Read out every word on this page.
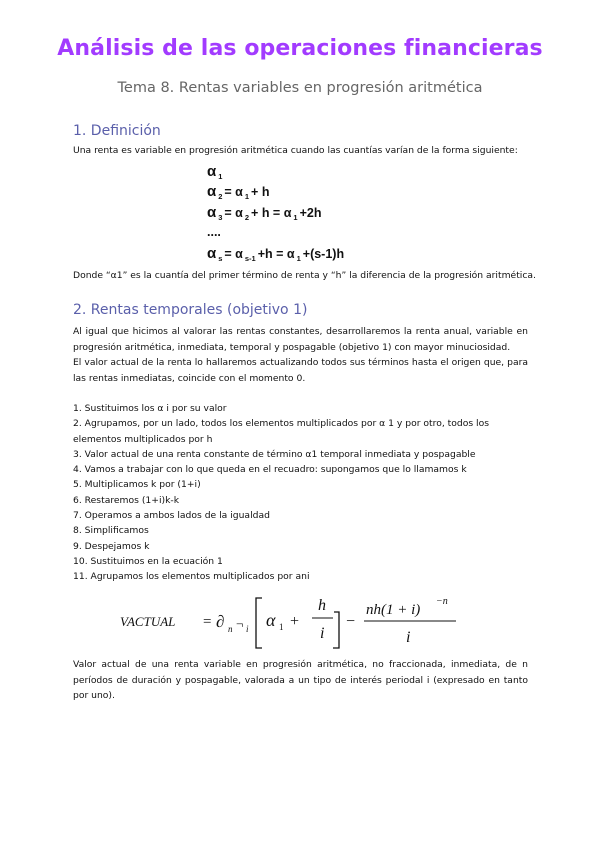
Análisis de las operaciones financieras
Tema 8. Rentas variables en progresión aritmética
1. Definición
Una renta es variable en progresión aritmética cuando las cuantías varían de la forma siguiente:
α $_1$
α $_2$ = α $_1$ + h
α $_3$ = α $_2$ + h = α $_1$ +2h
....
α $_s$ = α $_{s-1}$ +h = α $_1$ +(s-1)h
Donde “α1” es la cuantía del primer término de renta y “h” la diferencia de la progresión aritmética.
2. Rentas temporales (objetivo 1)
Al igual que hicimos al valorar las rentas constantes, desarrollaremos la renta anual, variable en progresión aritmética, inmediata, temporal y pospagable (objetivo 1) con mayor minuciosidad.
El valor actual de la renta lo hallaremos actualizando todos sus términos hasta el origen que, para las rentas inmediatas, coincide con el momento 0.
1. Sustituimos los α i por su valor
2. Agrupamos, por un lado, todos los elementos multiplicados por α 1 y por otro, todos los elementos multiplicados por h
3. Valor actual de una renta constante de término α1 temporal inmediata y pospagable
4. Vamos a trabajar con lo que queda en el recuadro: supongamos que lo llamamos k
5. Multiplicamos k por (1+i)
6. Restaremos (1+i)k-k
7. Operamos a ambos lados de la igualdad
8. Simplificamos
9. Despejamos k
10. Sustituimos en la ecuación 1
11. Agrupamos los elementos multiplicados por ani
VACTUAL = ∂ n ¬ i α 1 +
h
i
−
nh(1 + i)
−n
i
Valor actual de una renta variable en progresión aritmética, no fraccionada, inmediata, de n períodos de duración y pospagable, valorada a un tipo de interés periodal i (expresado en tanto por uno).
